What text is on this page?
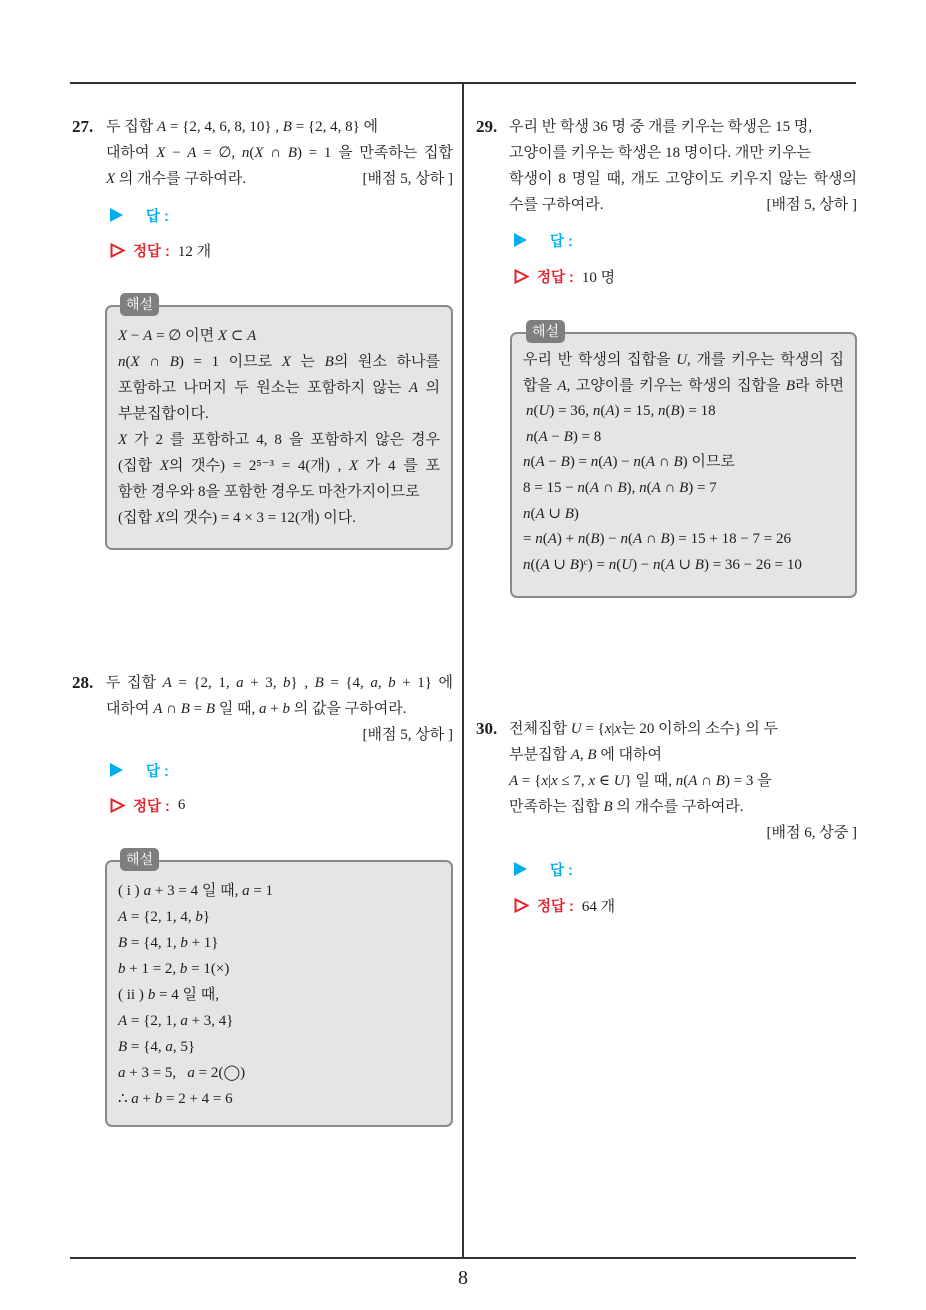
27. 두 집합 A = {2, 4, 6, 8, 10} , B = {2, 4, 8} 에
대하여 X − A = ∅, n(X ∩ B) = 1 을 만족하는 집합
X 의 개수를 구하여라.	[배점 5, 상하 ]
답 :
정답 : 12 개
X − A = ∅ 이면 X ⊂ A
n(X ∩ B) = 1 이므로 X 는 B의 원소 하나를
포함하고 나머지 두 원소는 포함하지 않는 A 의
부분집합이다.
X 가 2 를 포함하고 4, 8 을 포함하지 않은 경우
(집합 X의 갯수) = 2⁵⁻³ = 4(개) , X 가 4 를 포
함한 경우와 8을 포함한 경우도 마찬가지이므로
(집합 X의 갯수) = 4 × 3 = 12(개) 이다.
해설
28. 두 집합 A = {2, 1, a + 3, b} , B = {4, a, b + 1} 에
대하여 A ∩ B = B 일 때, a + b 의 값을 구하여라.
[배점 5, 상하 ]
답 :
정답 : 6
( i ) a + 3 = 4 일 때, a = 1
A = {2, 1, 4, b}
B = {4, 1, b + 1}
b + 1 = 2, b = 1(×)
( ii ) b = 4 일 때,
A = {2, 1, a + 3, 4}
B = {4, a, 5}
a + 3 = 5,   a = 2(◯)
∴ a + b = 2 + 4 = 6
해설
29. 우리 반 학생 36 명 중 개를 키우는 학생은 15 명,
고양이를 키우는 학생은 18 명이다. 개만 키우는
학생이 8 명일 때, 개도 고양이도 키우지 않는 학생의
수를 구하여라.	[배점 5, 상하 ]
답 :
정답 : 10 명
우리 반 학생의 집합을 U, 개를 키우는 학생의 집
합을 A, 고양이를 키우는 학생의 집합을 B라 하면
n(U) = 36, n(A) = 15, n(B) = 18
n(A − B) = 8
n(A − B) = n(A) − n(A ∩ B) 이므로
8 = 15 − n(A ∩ B), n(A ∩ B) = 7
n(A ∪ B)
= n(A) + n(B) − n(A ∩ B) = 15 + 18 − 7 = 26
n((A ∪ B)ᶜ) = n(U) − n(A ∪ B) = 36 − 26 = 10
해설
30. 전체집합 U = {x|x는 20 이하의 소수} 의 두
부분집합 A, B 에 대하여
A = {x|x ≤ 7, x ∈ U} 일 때, n(A ∩ B) = 3 을
만족하는 집합 B 의 개수를 구하여라.
[배점 6, 상중 ]
답 :
정답 : 64 개
8
